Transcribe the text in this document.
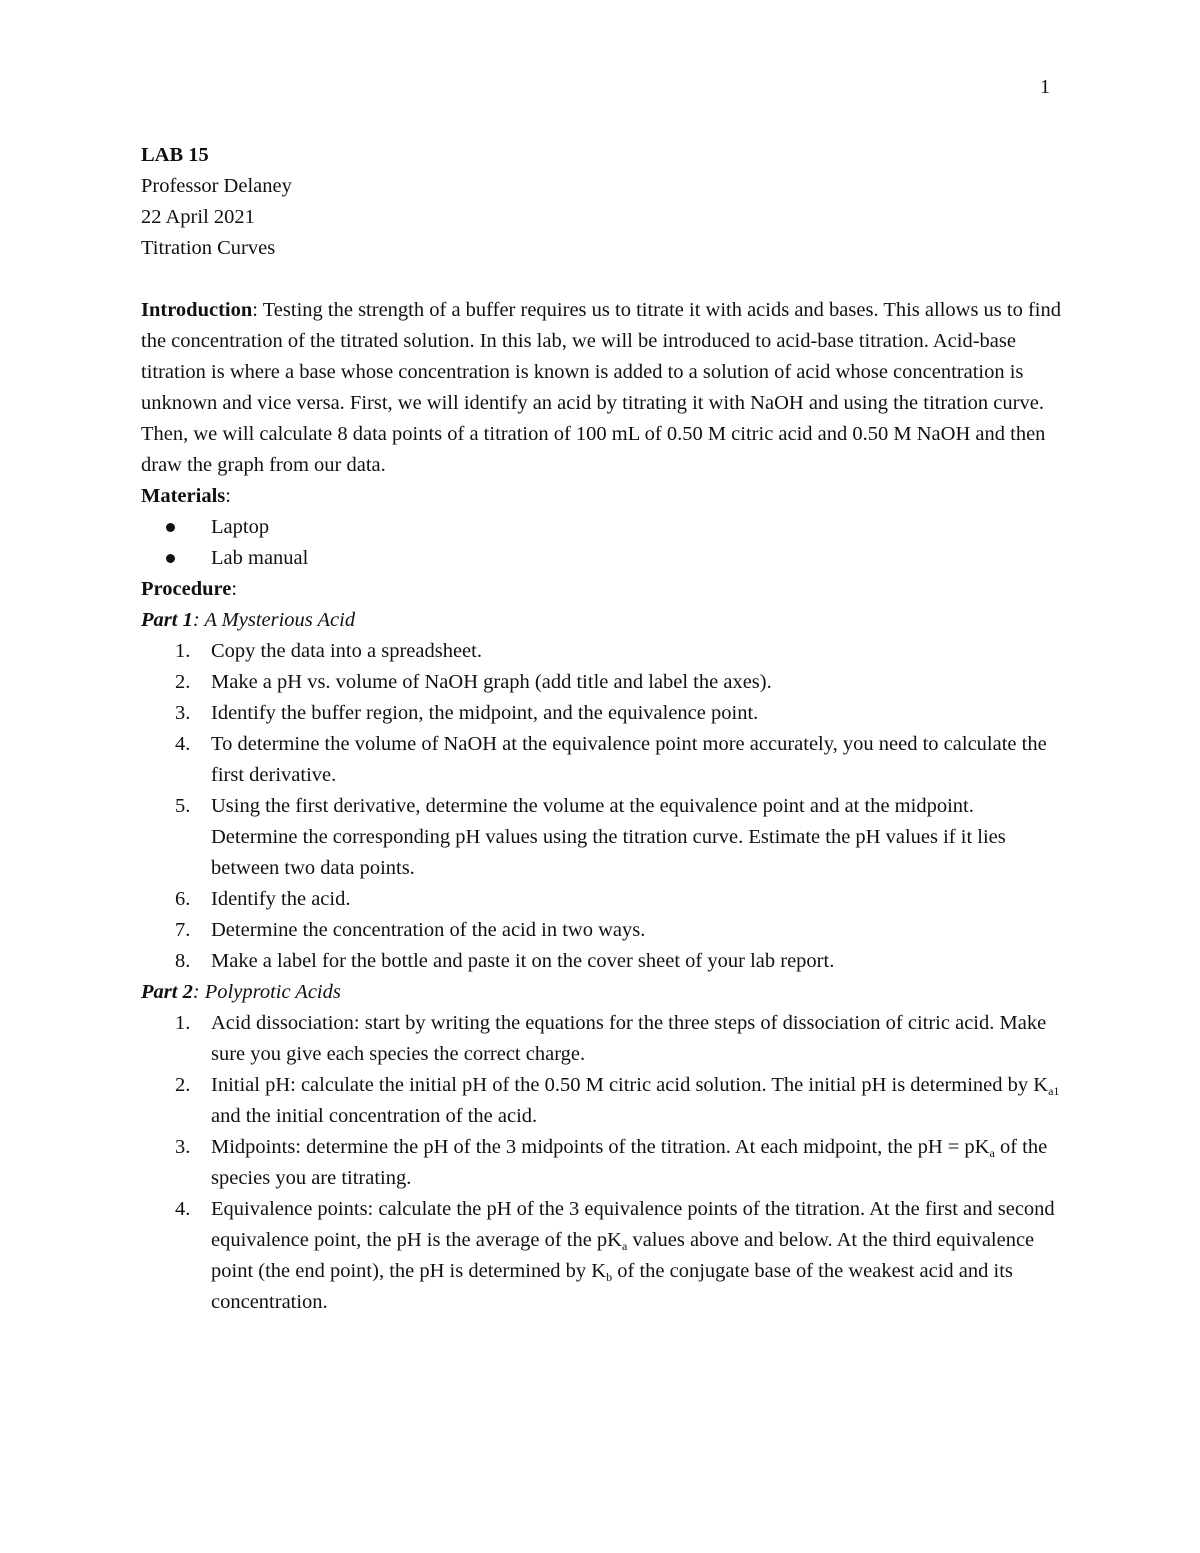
1

LAB 15

Professor Delaney

22 April 2021

Titration Curves

Introduction: Testing the strength of a buffer requires us to titrate it with acids and bases. This allows us to find the concentration of the titrated solution. In this lab, we will be introduced to acid-base titration. Acid-base titration is where a base whose concentration is known is added to a solution of acid whose concentration is unknown and vice versa. First, we will identify an acid by titrating it with NaOH and using the titration curve. Then, we will calculate 8 data points of a titration of 100 mL of 0.50 M citric acid and 0.50 M NaOH and then draw the graph from our data.

Materials:

Laptop
Lab manual

Procedure:

Part 1: A Mysterious Acid

1. Copy the data into a spreadsheet.
2. Make a pH vs. volume of NaOH graph (add title and label the axes).
3. Identify the buffer region, the midpoint, and the equivalence point.
4. To determine the volume of NaOH at the equivalence point more accurately, you need to calculate the first derivative.
5. Using the first derivative, determine the volume at the equivalence point and at the midpoint. Determine the corresponding pH values using the titration curve. Estimate the pH values if it lies between two data points.
6. Identify the acid.
7. Determine the concentration of the acid in two ways.
8. Make a label for the bottle and paste it on the cover sheet of your lab report.

Part 2: Polyprotic Acids

1. Acid dissociation: start by writing the equations for the three steps of dissociation of citric acid. Make sure you give each species the correct charge.
2. Initial pH: calculate the initial pH of the 0.50 M citric acid solution. The initial pH is determined by $K_{a1}$ and the initial concentration of the acid.
3. Midpoints: determine the pH of the 3 midpoints of the titration. At each midpoint, the pH = $pK_a$ of the species you are titrating.
4. Equivalence points: calculate the pH of the 3 equivalence points of the titration. At the first and second equivalence point, the pH is the average of the $pK_a$ values above and below. At the third equivalence point (the end point), the pH is determined by $K_b$ of the conjugate base of the weakest acid and its concentration.
